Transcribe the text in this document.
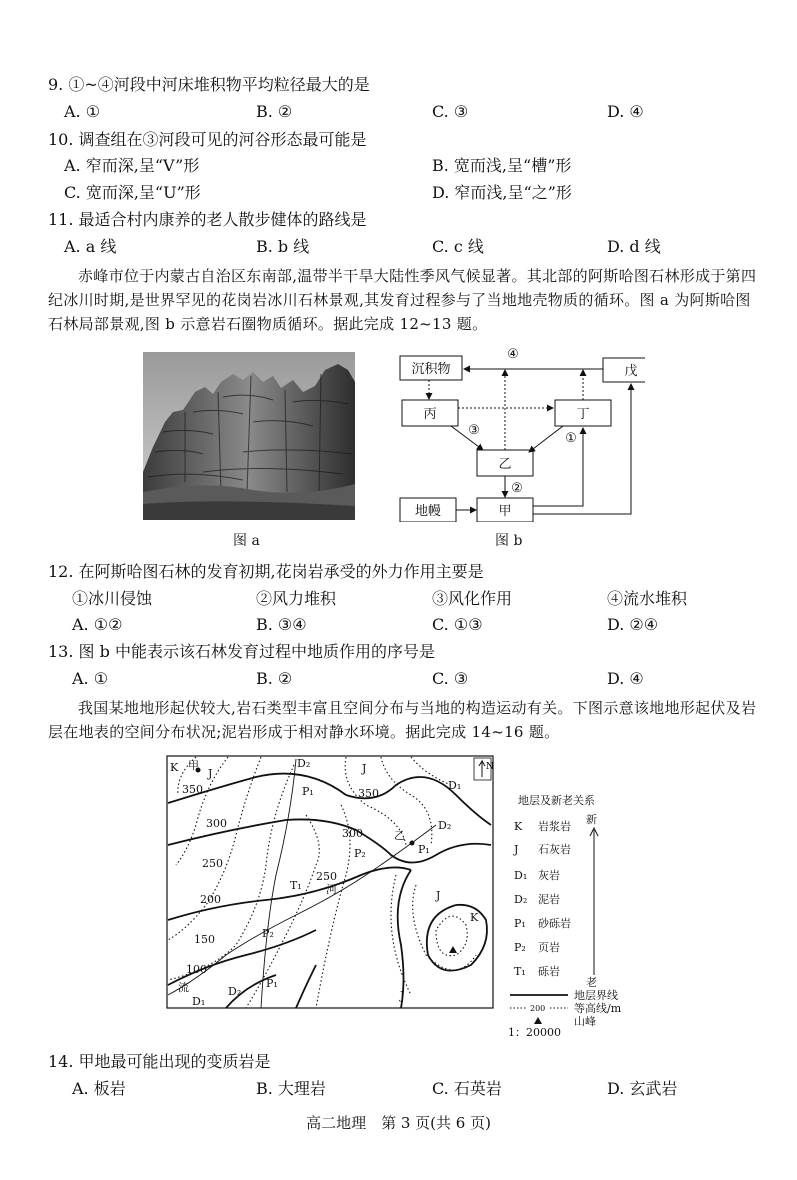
9. ①~④河段中河床堆积物平均粒径最大的是
A. ①	B. ②	C. ③	D. ④
10. 调查组在③河段可见的河谷形态最可能是
A. 窄而深,呈“V”形	B. 宽而浅,呈“槽”形
C. 宽而深,呈“U”形	D. 窄而浅,呈“之”形
11. 最适合村内康养的老人散步健体的路线是
A. a 线	B. b 线	C. c 线	D. d 线
赤峰市位于内蒙古自治区东南部,温带半干旱大陆性季风气候显著。其北部的阿斯哈图石林形成于第四纪冰川时期,是世界罕见的花岗岩冰川石林景观,其发育过程参与了当地地壳物质的循环。图 a 为阿斯哈图石林局部景观,图 b 示意岩石圈物质循环。据此完成 12~13 题。
图 a
沉积物	戊
丙	丁
乙
地幔	甲
④
③
①
②
图 b
12. 在阿斯哈图石林的发育初期,花岗岩承受的外力作用主要是
①冰川侵蚀	②风力堆积	③风化作用	④流水堆积
A. ①②	B. ③④	C. ①③	D. ②④
13. 图 b 中能表示该石林发育过程中地质作用的序号是
A. ①	B. ②	C. ③	D. ④
我国某地地形起伏较大,岩石类型丰富且空间分布与当地的构造运动有关。下图示意该地地形起伏及岩层在地表的空间分布状况;泥岩形成于相对静水环境。据此完成 14~16 题。
N
350
300
250
200
150
100
350
300
250
K 甲
J
D₂	J
P₁	D₁
乙
D₂
P₁
P₂
T₁ 河	J
K
P₂
P₁
流
D₁
D₂	J
地层及新老关系
新
老
K 岩浆岩
J 石灰岩
D₁ 灰岩
D₂ 泥岩
P₁ 砂砾岩
P₂ 页岩
T₁ 砾岩
地层界线
等高线/m
200
山峰
1：20000
14. 甲地最可能出现的变质岩是
A. 板岩	B. 大理岩	C. 石英岩	D. 玄武岩
高二地理　第 3 页(共 6 页)
